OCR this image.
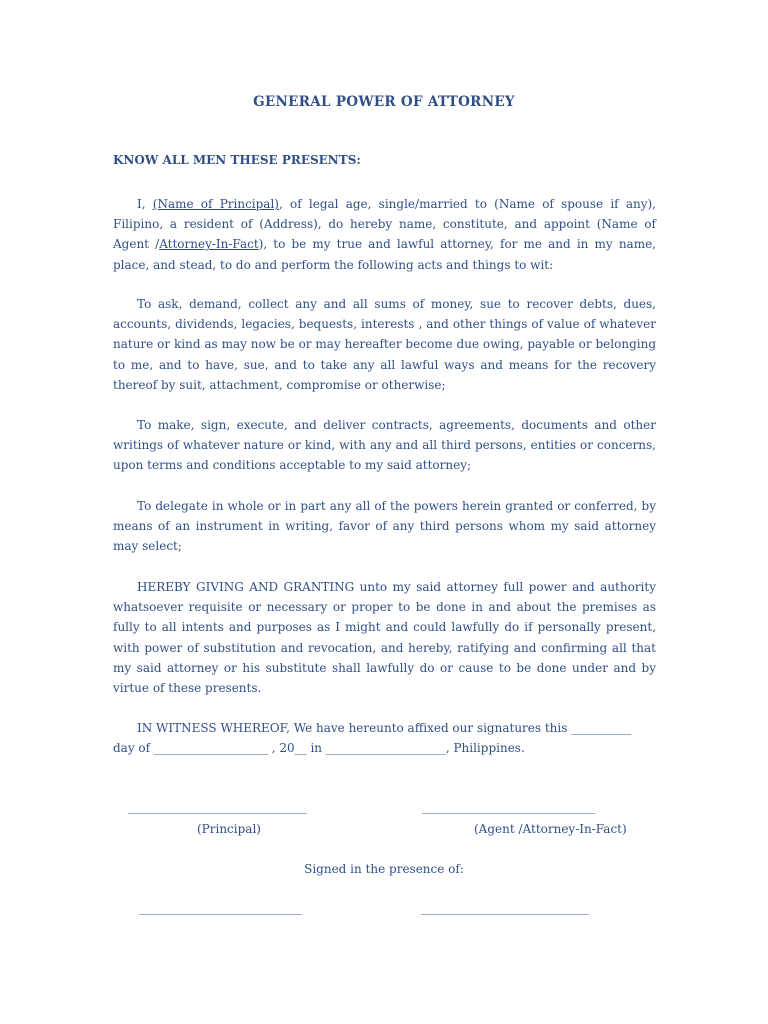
GENERAL POWER OF ATTORNEY
KNOW ALL MEN THESE PRESENTS:
I, (Name of Principal), of legal age, single/married to (Name of spouse if any), Filipino, a resident of (Address), do hereby name, constitute, and appoint (Name of Agent /Attorney-In-Fact), to be my true and lawful attorney, for me and in my name, place, and stead, to do and perform the following acts and things to wit:
To ask, demand, collect any and all sums of money, sue to recover debts, dues, accounts, dividends, legacies, bequests, interests , and other things of value of whatever nature or kind as may now be or may hereafter become due owing, payable or belonging to me, and to have, sue, and to take any all lawful ways and means for the recovery thereof by suit, attachment, compromise or otherwise;
To make, sign, execute, and deliver contracts, agreements, documents and other writings of whatever nature or kind, with any and all third persons, entities or concerns, upon terms and conditions acceptable to my said attorney;
To delegate in whole or in part any all of the powers herein granted or conferred, by means of an instrument in writing, favor of any third persons whom my said attorney may select;
HEREBY GIVING AND GRANTING unto my said attorney full power and authority whatsoever requisite or necessary or proper to be done in and about the premises as fully to all intents and purposes as I might and could lawfully do if personally present, with power of substitution and revocation, and hereby, ratifying and confirming all that my said attorney or his substitute shall lawfully do or cause to be done under and by virtue of these presents.
IN WITNESS WHEREOF, We have hereunto affixed our signatures this __________
day of ___________________ , 20__ in ____________________, Philippines.
_________________________________	________________________________
(Principal)	(Agent /Attorney-In-Fact)
Signed in the presence of:
______________________________	_______________________________
